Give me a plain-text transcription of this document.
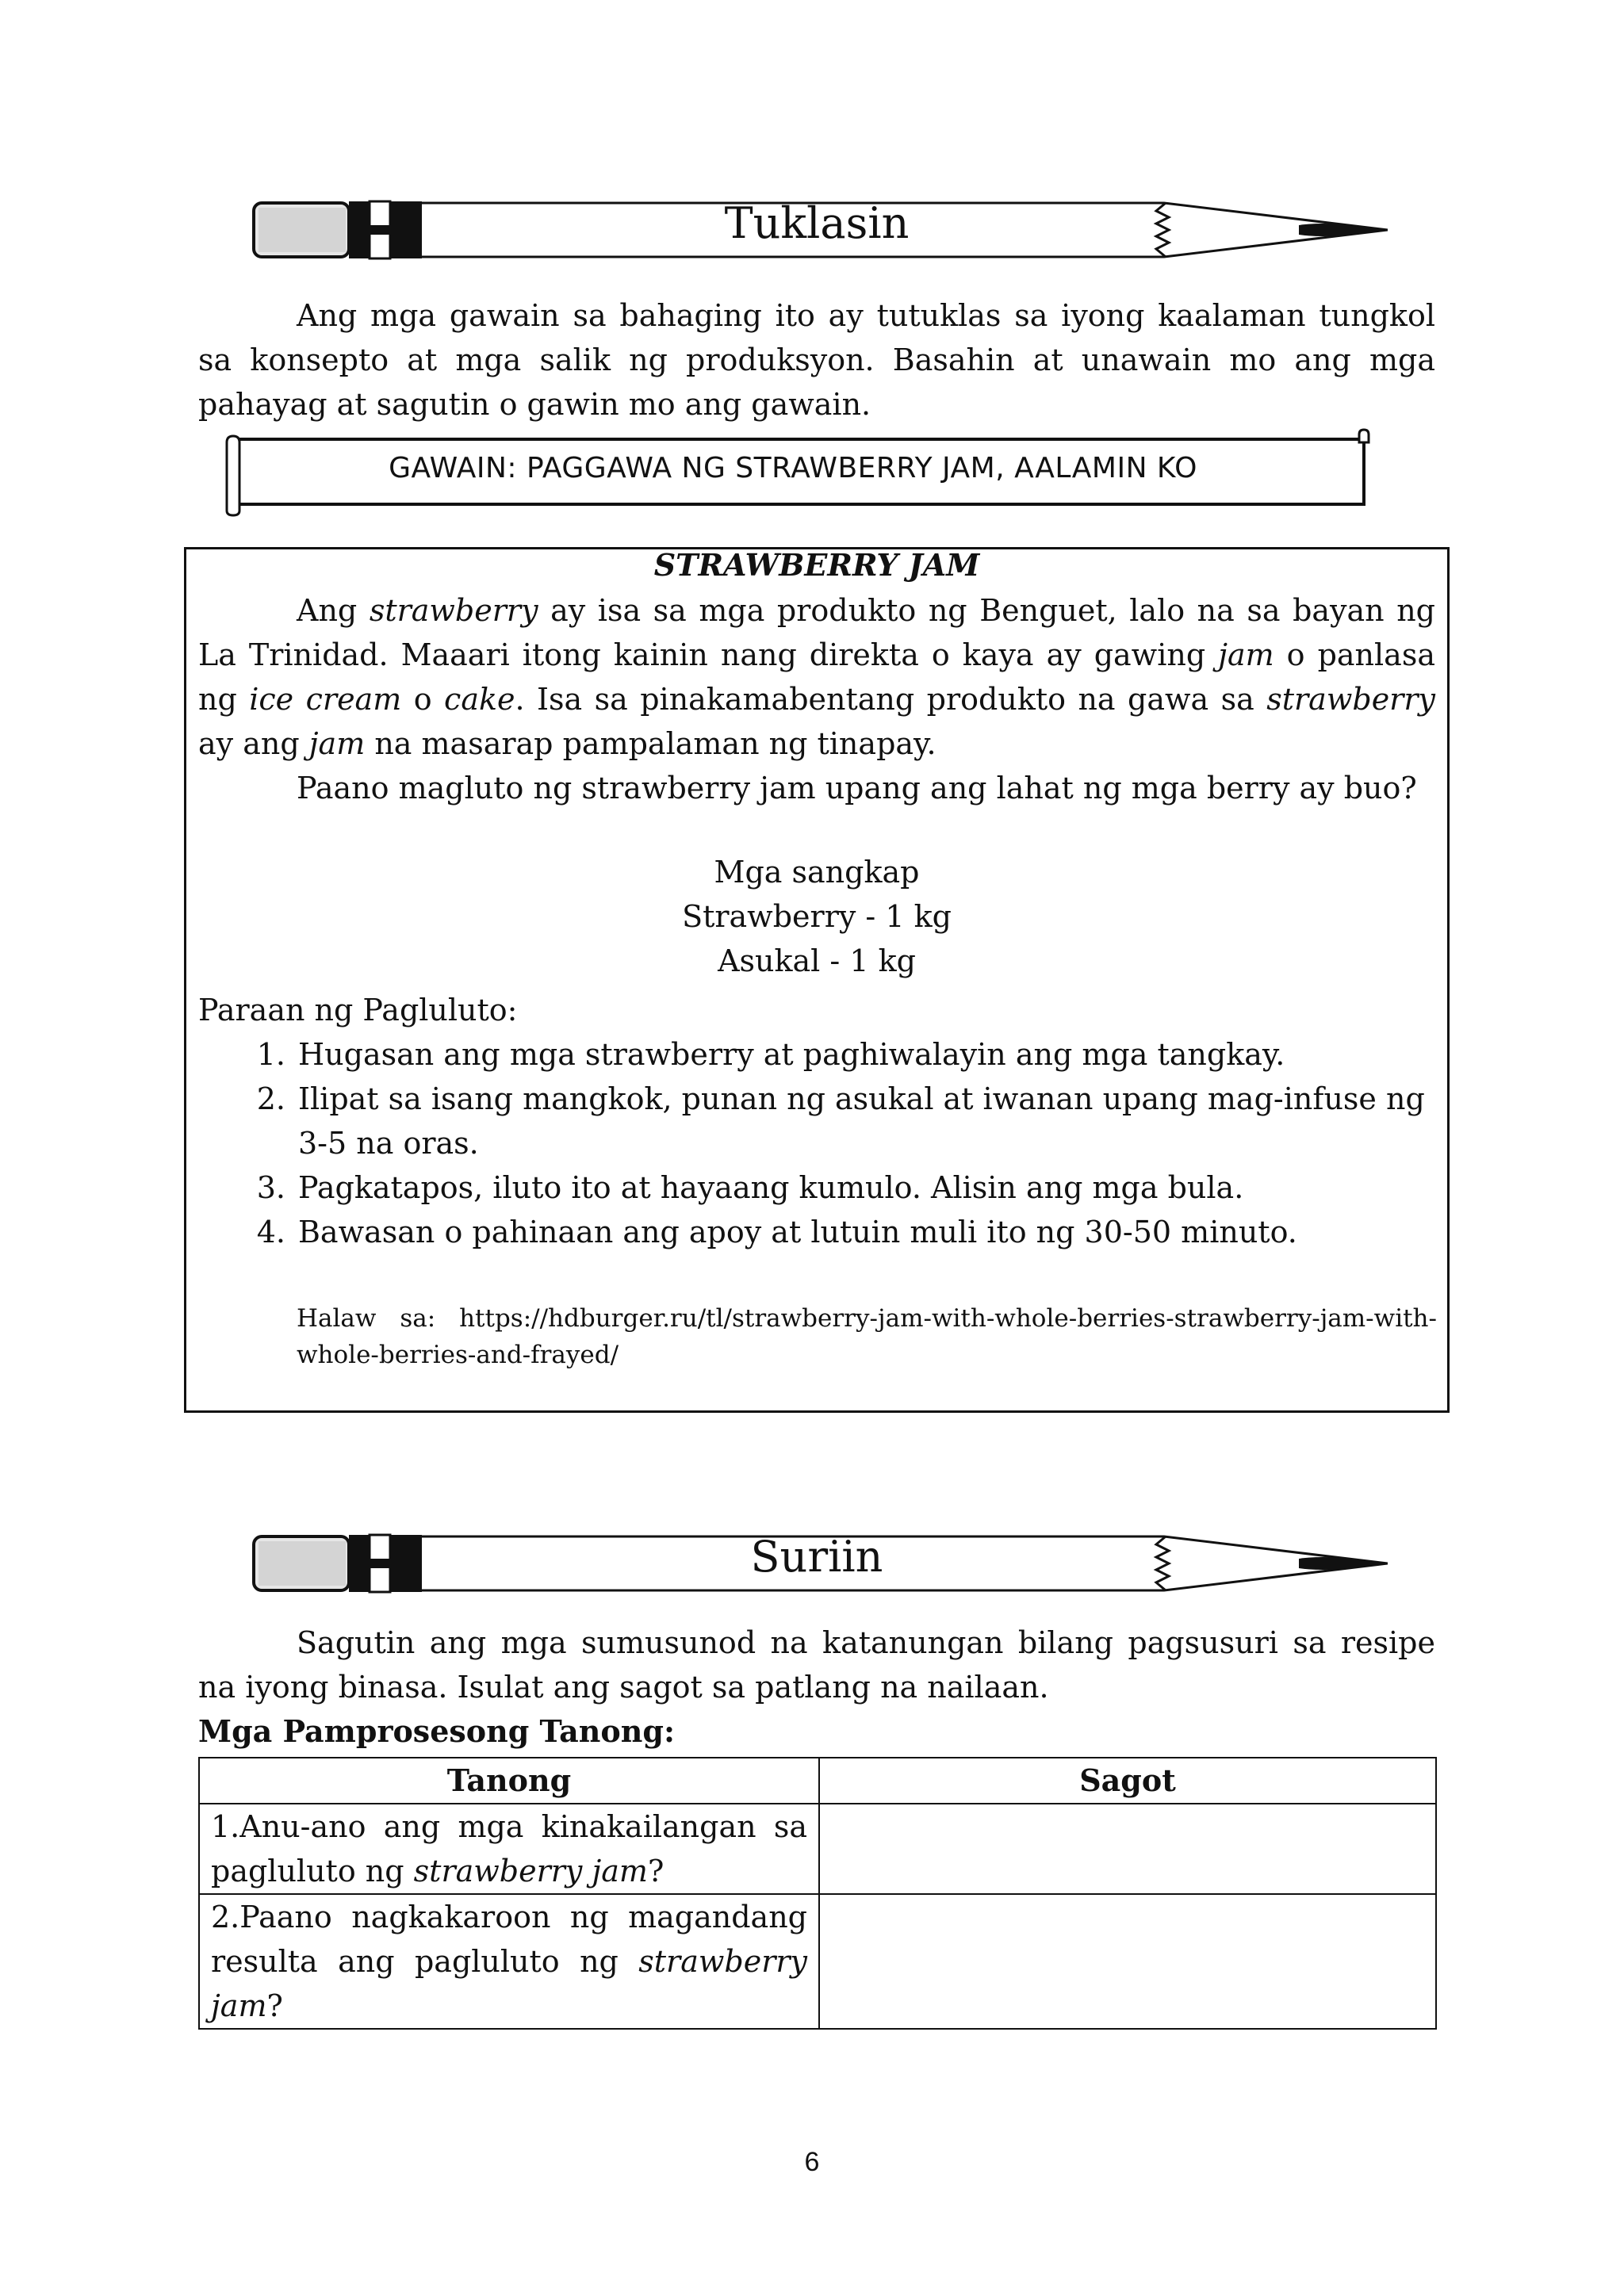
Tuklasin
Ang mga gawain sa bahaging ito ay tutuklas sa iyong kaalaman tungkol sa konsepto at mga salik ng produksyon. Basahin at unawain mo ang mga pahayag at sagutin o gawin mo ang gawain.
GAWAIN: PAGGAWA NG STRAWBERRY JAM, AALAMIN KO
STRAWBERRY JAM
Ang strawberry ay isa sa mga produkto ng Benguet, lalo na sa bayan ng La Trinidad. Maaari itong kainin nang direkta o kaya ay gawing jam o panlasa ng ice cream o cake. Isa sa pinakamabentang produkto na gawa sa strawberry ay ang jam na masarap pampalaman ng tinapay.
Paano magluto ng strawberry jam upang ang lahat ng mga berry ay buo?
Mga sangkap
Strawberry - 1 kg
Asukal - 1 kg
Paraan ng Pagluluto:
1. Hugasan ang mga strawberry at paghiwalayin ang mga tangkay.
2. Ilipat sa isang mangkok, punan ng asukal at iwanan upang mag-infuse ng 3-5 na oras.
3. Pagkatapos, iluto ito at hayaang kumulo. Alisin ang mga bula.
4. Bawasan o pahinaan ang apoy at lutuin muli ito ng 30-50 minuto.
Halaw sa: https://hdburger.ru/tl/strawberry-jam-with-whole-berries-strawberry-jam-with-whole-berries-and-frayed/
Suriin
Sagutin ang mga sumusunod na katanungan bilang pagsusuri sa resipe na iyong binasa. Isulat ang sagot sa patlang na nailaan.
Mga Pamprosesong Tanong:
Tanong	Sagot
1.Anu-ano ang mga kinakailangan sa pagluluto ng strawberry jam?	
2.Paano nagkakaroon ng magandang resulta ang pagluluto ng strawberry jam?	
6
